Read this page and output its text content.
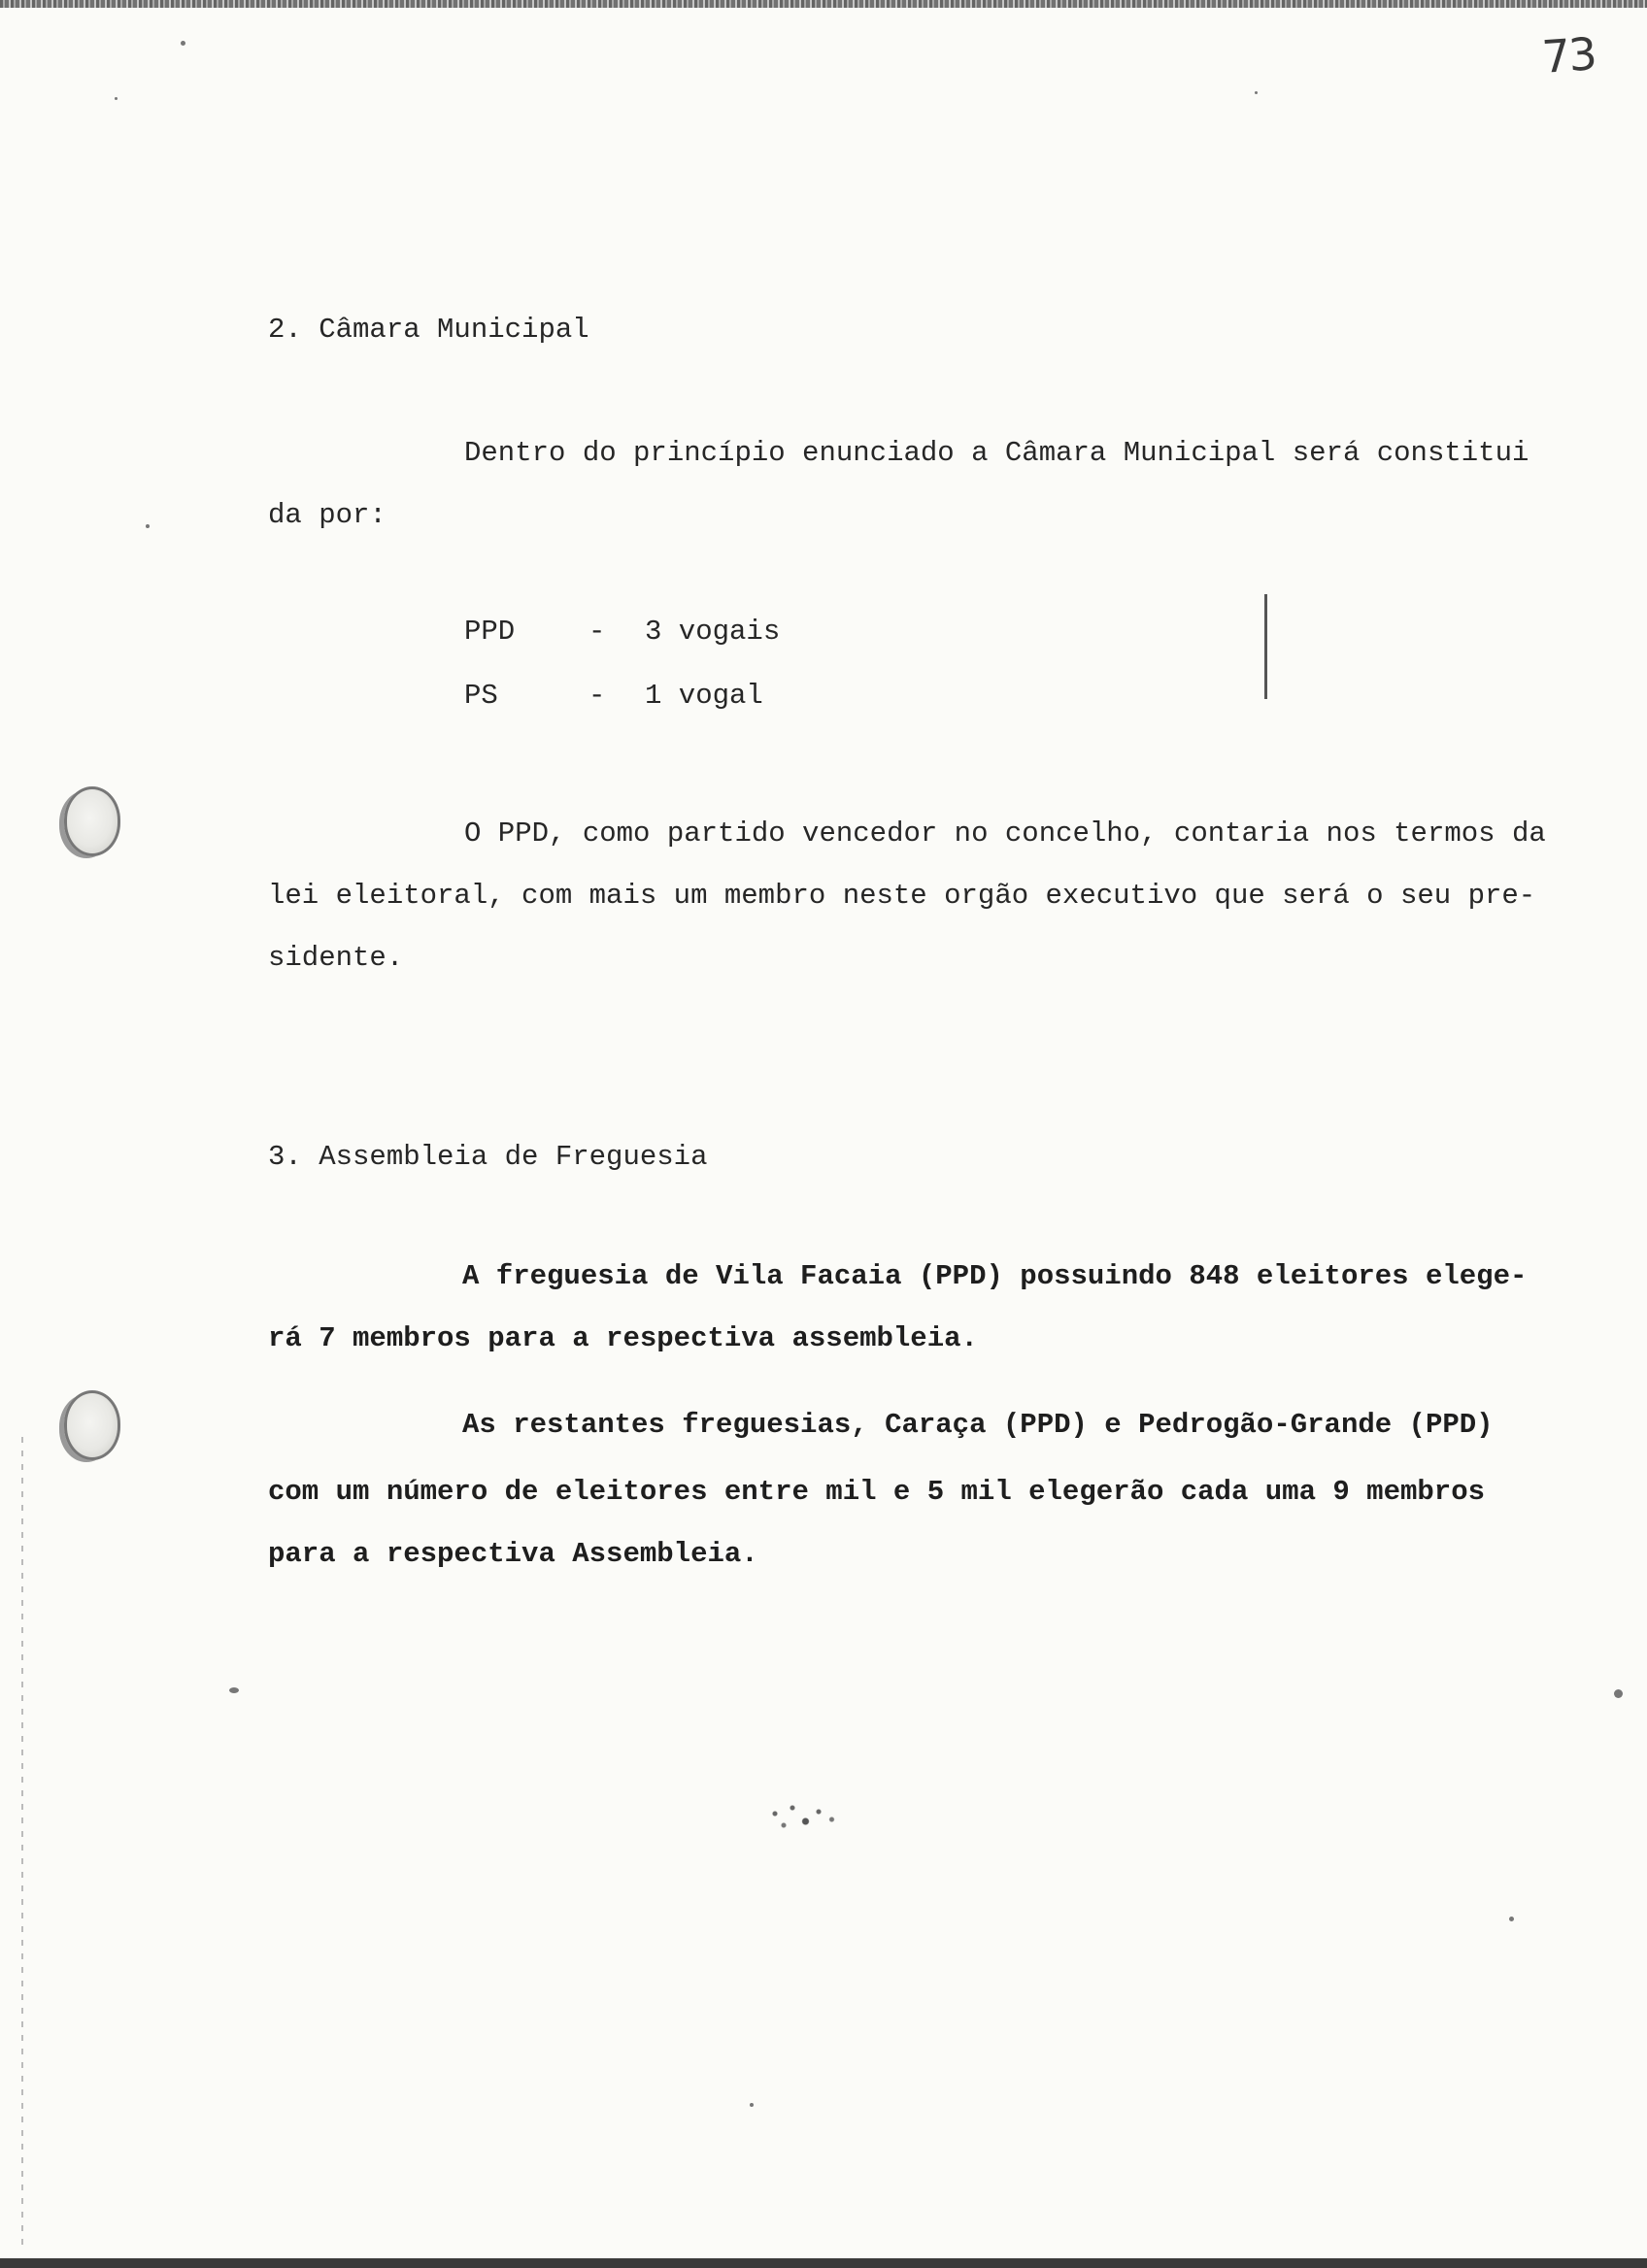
73
2. Câmara Municipal
Dentro do princípio enunciado a Câmara Municipal será constitui
da por:
PPD	- 3 vogais
PS	- 1 vogal
O PPD, como partido vencedor no concelho, contaria nos termos da
lei eleitoral, com mais um membro neste orgão executivo que será o seu pre-
sidente.
3. Assembleia de Freguesia
A freguesia de Vila Facaia (PPD) possuindo 848 eleitores elege-
rá 7 membros para a respectiva assembleia.
As restantes freguesias, Caraça (PPD) e Pedrogão-Grande (PPD)
com um número de eleitores entre mil e 5 mil elegerão cada uma 9 membros
para a respectiva Assembleia.
